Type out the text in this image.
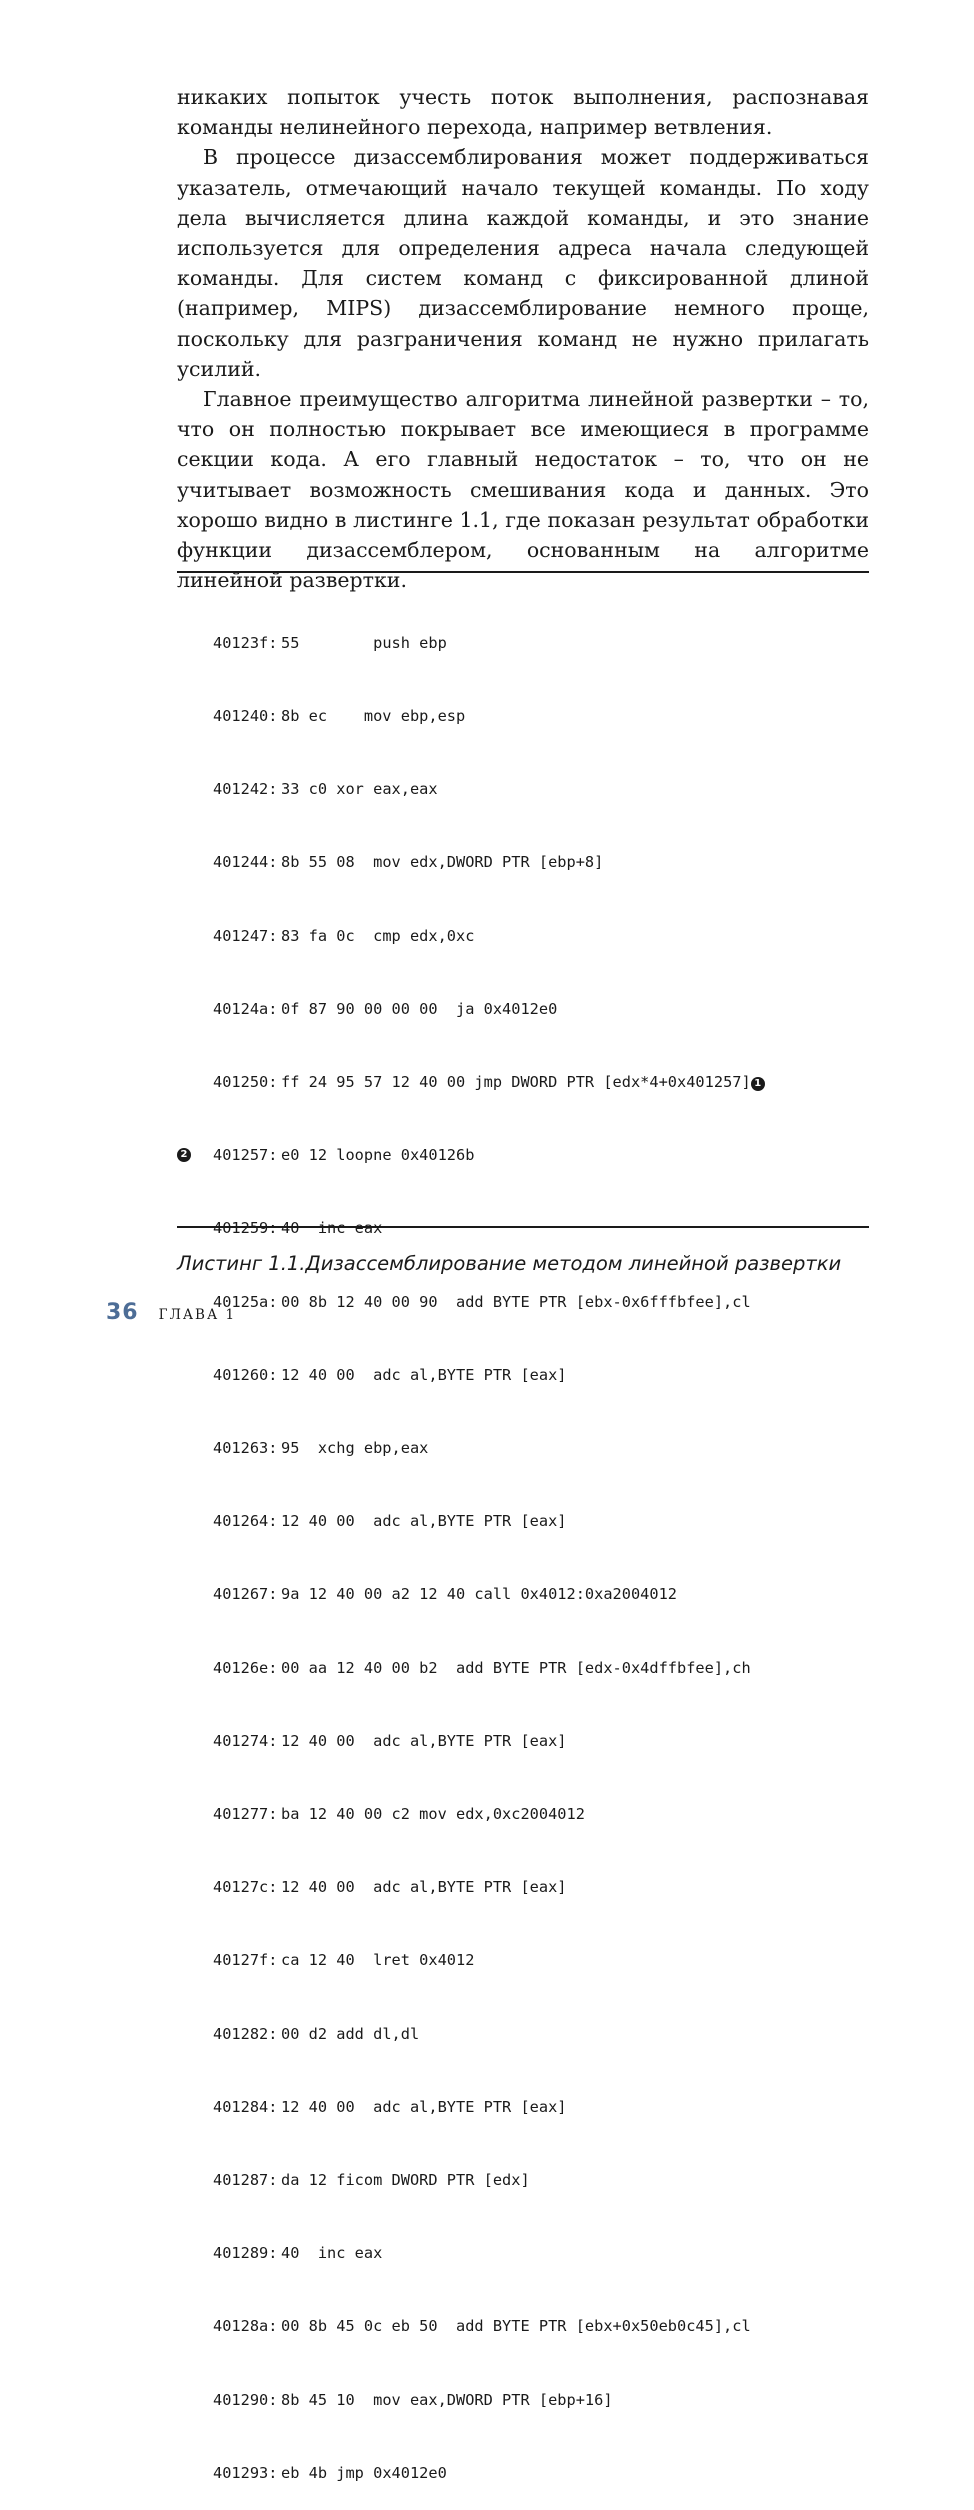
никаких попыток учесть поток выполнения, распознавая команды нелинейного перехода, например ветвления.

В процессе дизассемблирования может поддерживаться указатель, отмечающий начало текущей команды. По ходу дела вычисляется длина каждой команды, и это знание используется для определения адреса начала следующей команды. Для систем команд с фиксированной длиной (например, MIPS) дизассемблирование немного проще, поскольку для разграничения команд не нужно прилагать усилий.

Главное преимущество алгоритма линейной развертки – то, что он полностью покрывает все имеющиеся в программе секции кода. А его главный недостаток – то, что он не учитывает возможность смешивания кода и данных. Это хорошо видно в листинге 1.1, где показан результат обработки функции дизассемблером, основанным на алгоритме линейной развертки.

40123f: 55        push ebp

401240: 8b ec    mov ebp,esp

401242: 33 c0 xor eax,eax

401244: 8b 55 08  mov edx,DWORD PTR [ebp+8]

401247: 83 fa 0c  cmp edx,0xc

40124a: 0f 87 90 00 00 00  ja 0x4012e0

401250: ff 24 95 57 12 40 00 jmp DWORD PTR [edx*4+0x401257] 1

2 401257: e0 12 loopne 0x40126b

401259: 40  inc eax

40125a: 00 8b 12 40 00 90  add BYTE PTR [ebx-0x6fffbfee],cl

401260: 12 40 00  adc al,BYTE PTR [eax]

401263: 95  xchg ebp,eax

401264: 12 40 00  adc al,BYTE PTR [eax]

401267: 9a 12 40 00 a2 12 40 call 0x4012:0xa2004012

40126e: 00 aa 12 40 00 b2  add BYTE PTR [edx-0x4dffbfee],ch

401274: 12 40 00  adc al,BYTE PTR [eax]

401277: ba 12 40 00 c2 mov edx,0xc2004012

40127c: 12 40 00  adc al,BYTE PTR [eax]

40127f: ca 12 40  lret 0x4012

401282: 00 d2 add dl,dl

401284: 12 40 00  adc al,BYTE PTR [eax]

401287: da 12 ficom DWORD PTR [edx]

401289: 40  inc eax

40128a: 00 8b 45 0c eb 50  add BYTE PTR [ebx+0x50eb0c45],cl

401290: 8b 45 10  mov eax,DWORD PTR [ebp+16]

401293: eb 4b jmp 0x4012e0

Листинг 1.1.Дизассемблирование методом линейной развертки
36 ГЛАВА 1
